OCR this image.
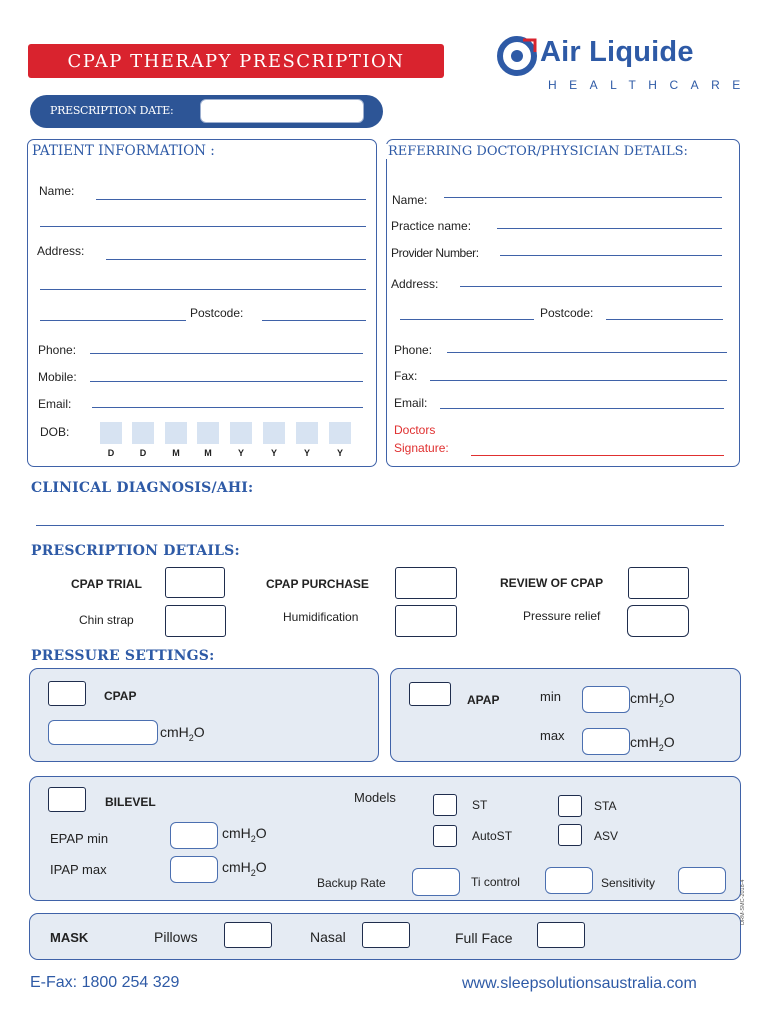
CPAP THERAPY PRESCRIPTION	Air Liquide
HEALTHCARE
PRESCRIPTION DATE:
PATIENT INFORMATION :
Name:
Address:
Postcode:
Phone:
Mobile:
Email:
DOB:
D	D	M	M	Y	Y	Y	Y
REFERRING DOCTOR/PHYSICIAN DETAILS:
Name:
Practice name:
Provider Number:
Address:
Postcode:
Phone:
Fax:
Email:
Doctors
Signature:
CLINICAL DIAGNOSIS/AHI:
PRESCRIPTION DETAILS:
CPAP TRIAL	CPAP PURCHASE	REVIEW OF CPAP
Chin strap	Humidification	Pressure relief
PRESSURE SETTINGS:
CPAP
cmH$_2$O
APAP	min	cmH$_2$O
max	cmH$_2$O
BILEVEL
EPAP min	cmH$_2$O
IPAP max	cmH$_2$O
Models	ST	STA
AutoST	ASV
Backup Rate	Ti control	Sensitivity
MASK	Pillows	Nasal	Full Face
E-Fax: 1800 254 329	www.sleepsolutionsaustralia.com
DRM-SMC-2018-4
